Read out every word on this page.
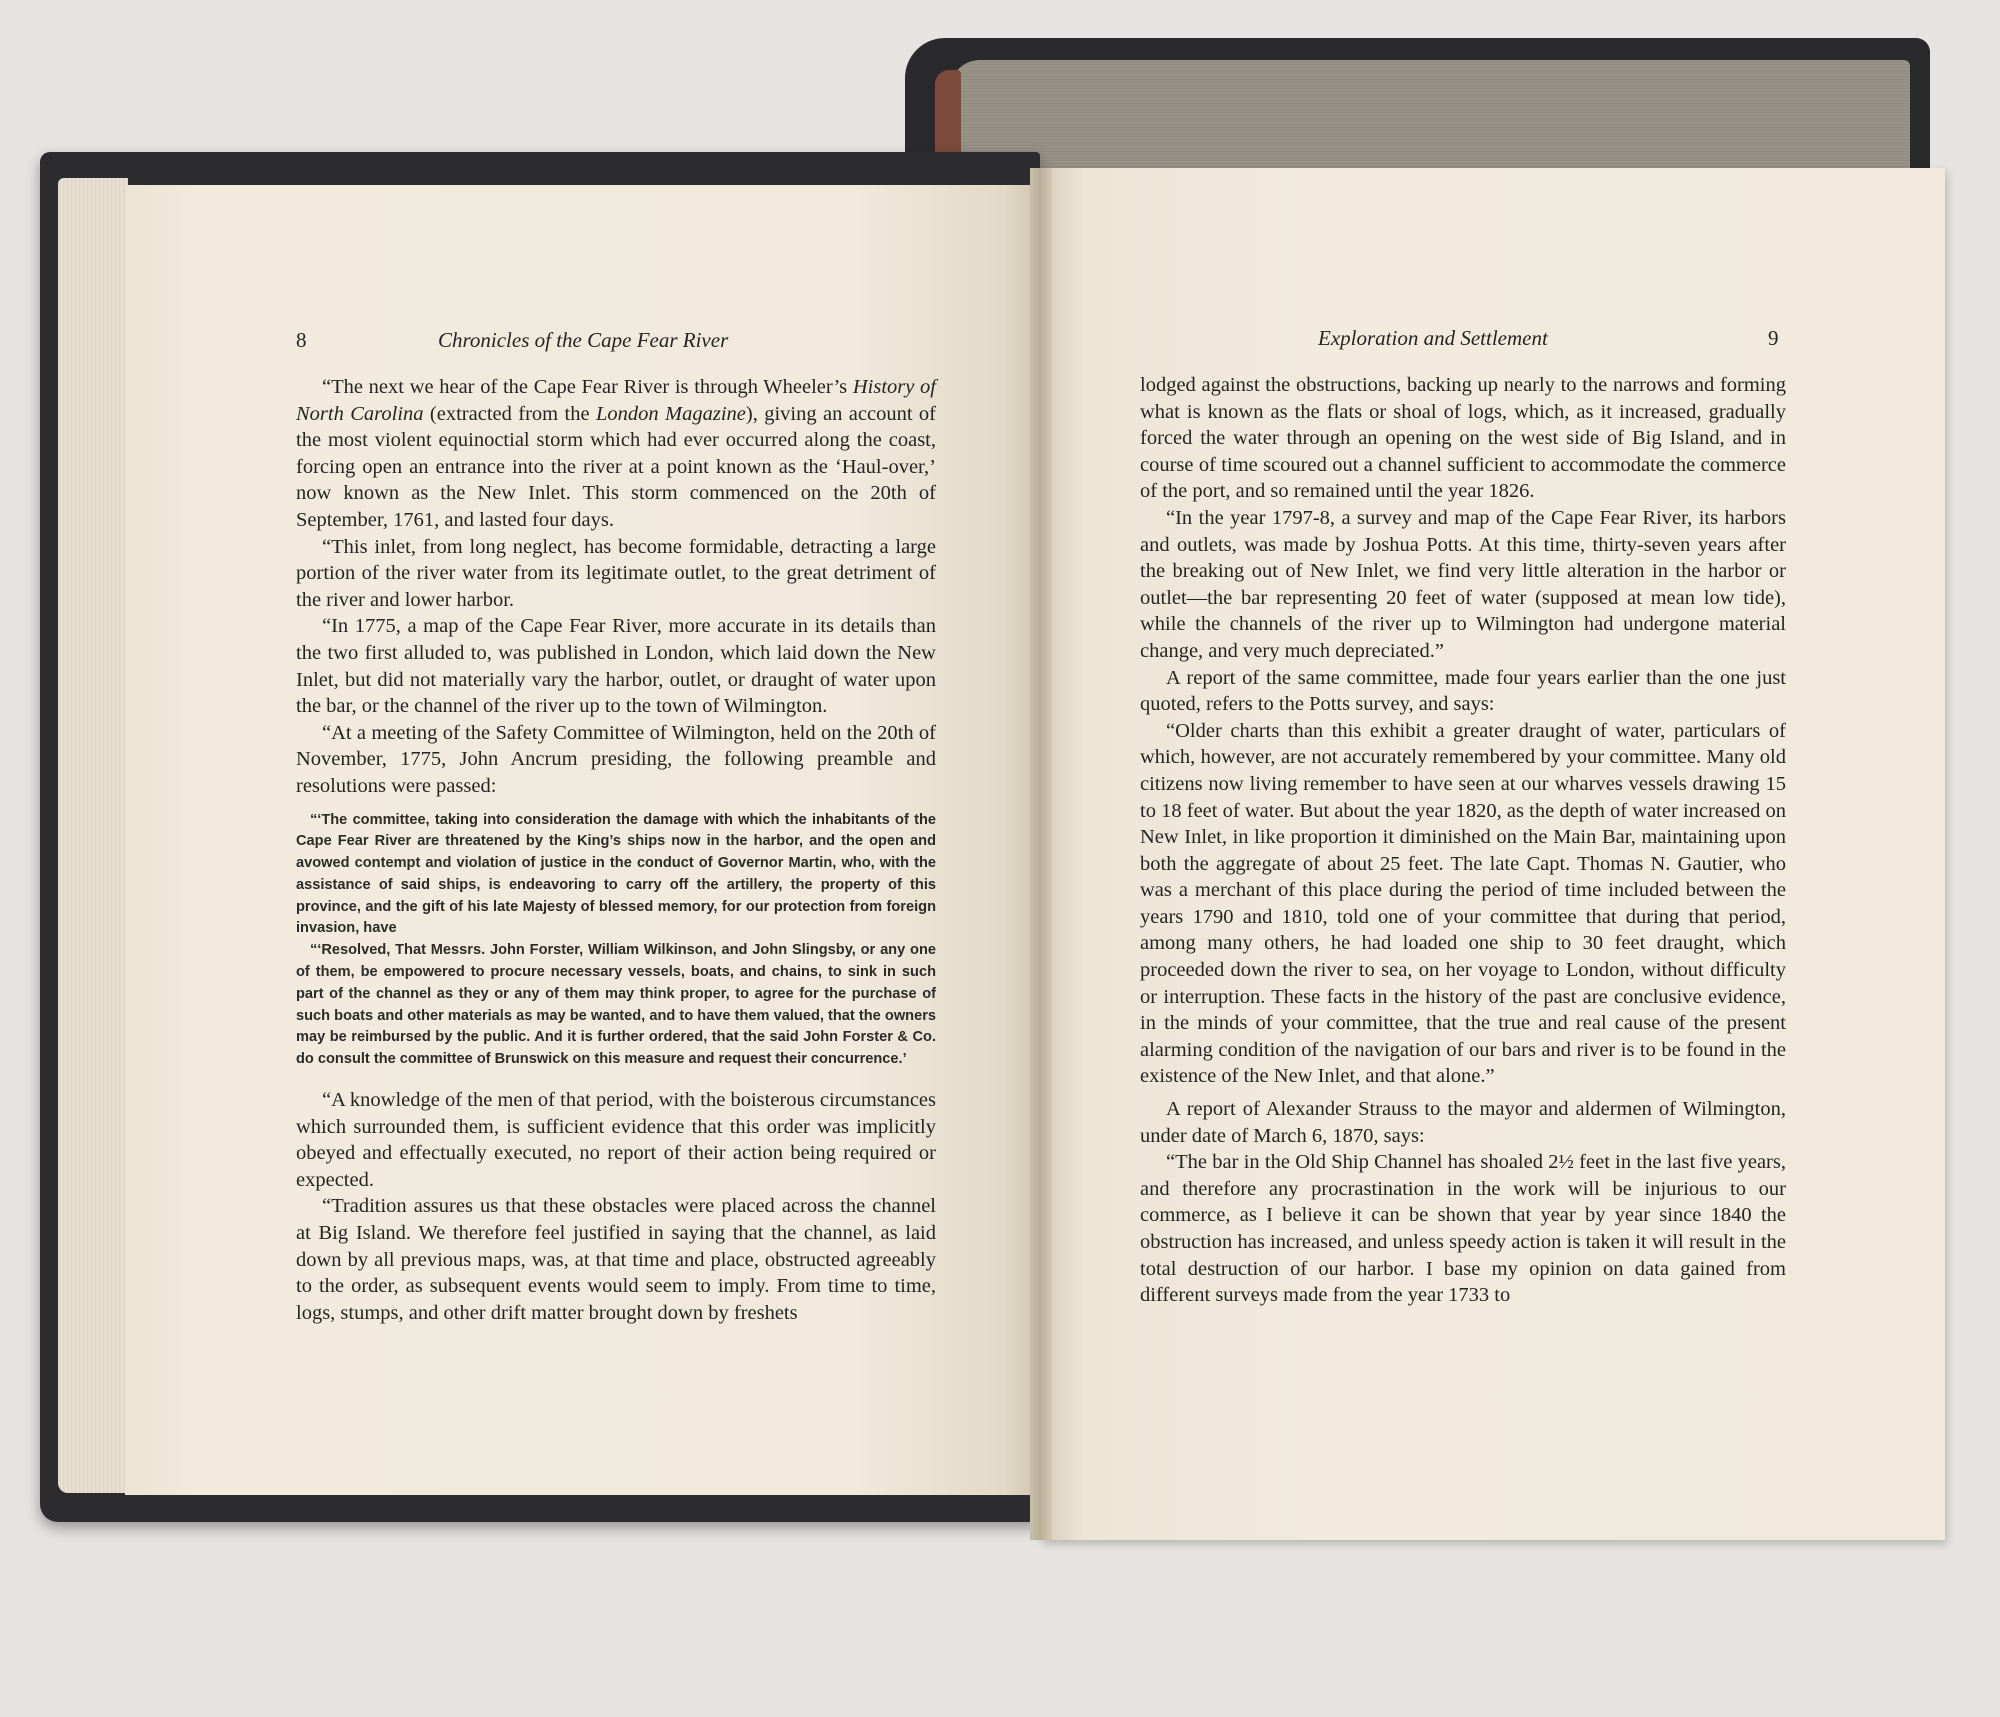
8	Chronicles of the Cape Fear River

“The next we hear of the Cape Fear River is through Wheeler’s History of North Carolina (extracted from the London Magazine), giving an account of the most violent equinoctial storm which had ever occurred along the coast, forcing open an entrance into the river at a point known as the ‘Haul-over,’ now known as the New Inlet. This storm commenced on the 20th of September, 1761, and lasted four days.

“This inlet, from long neglect, has become formidable, detracting a large portion of the river water from its legitimate outlet, to the great detriment of the river and lower harbor.

“In 1775, a map of the Cape Fear River, more accurate in its details than the two first alluded to, was published in London, which laid down the New Inlet, but did not materially vary the harbor, outlet, or draught of water upon the bar, or the channel of the river up to the town of Wilmington.

“At a meeting of the Safety Committee of Wilmington, held on the 20th of November, 1775, John Ancrum presiding, the following preamble and resolutions were passed:

“‘The committee, taking into consideration the damage with which the inhabitants of the Cape Fear River are threatened by the King’s ships now in the harbor, and the open and avowed contempt and violation of justice in the conduct of Governor Martin, who, with the assistance of said ships, is endeavoring to carry off the artillery, the property of this province, and the gift of his late Majesty of blessed memory, for our protection from foreign invasion, have

“‘Resolved, That Messrs. John Forster, William Wilkinson, and John Slingsby, or any one of them, be empowered to procure necessary vessels, boats, and chains, to sink in such part of the channel as they or any of them may think proper, to agree for the purchase of such boats and other materials as may be wanted, and to have them valued, that the owners may be reimbursed by the public. And it is further ordered, that the said John Forster & Co. do consult the committee of Brunswick on this measure and request their concurrence.’

“A knowledge of the men of that period, with the boisterous circumstances which surrounded them, is sufficient evidence that this order was implicitly obeyed and effectually executed, no report of their action being required or expected.

“Tradition assures us that these obstacles were placed across the channel at Big Island. We therefore feel justified in saying that the channel, as laid down by all previous maps, was, at that time and place, obstructed agreeably to the order, as subsequent events would seem to imply. From time to time, logs, stumps, and other drift matter brought down by freshets

Exploration and Settlement	9

lodged against the obstructions, backing up nearly to the narrows and forming what is known as the flats or shoal of logs, which, as it increased, gradually forced the water through an opening on the west side of Big Island, and in course of time scoured out a channel sufficient to accommodate the commerce of the port, and so remained until the year 1826.

“In the year 1797-8, a survey and map of the Cape Fear River, its harbors and outlets, was made by Joshua Potts. At this time, thirty-seven years after the breaking out of New Inlet, we find very little alteration in the harbor or outlet—the bar representing 20 feet of water (supposed at mean low tide), while the channels of the river up to Wilmington had undergone material change, and very much depreciated.”

A report of the same committee, made four years earlier than the one just quoted, refers to the Potts survey, and says:

“Older charts than this exhibit a greater draught of water, particulars of which, however, are not accurately remembered by your committee. Many old citizens now living remember to have seen at our wharves vessels drawing 15 to 18 feet of water. But about the year 1820, as the depth of water increased on New Inlet, in like proportion it diminished on the Main Bar, maintaining upon both the aggregate of about 25 feet. The late Capt. Thomas N. Gautier, who was a merchant of this place during the period of time included between the years 1790 and 1810, told one of your committee that during that period, among many others, he had loaded one ship to 30 feet draught, which proceeded down the river to sea, on her voyage to London, without difficulty or interruption. These facts in the history of the past are conclusive evidence, in the minds of your committee, that the true and real cause of the present alarming condition of the navigation of our bars and river is to be found in the existence of the New Inlet, and that alone.”

A report of Alexander Strauss to the mayor and aldermen of Wilmington, under date of March 6, 1870, says:

“The bar in the Old Ship Channel has shoaled 2½ feet in the last five years, and therefore any procrastination in the work will be injurious to our commerce, as I believe it can be shown that year by year since 1840 the obstruction has increased, and unless speedy action is taken it will result in the total destruction of our harbor. I base my opinion on data gained from different surveys made from the year 1733 to
